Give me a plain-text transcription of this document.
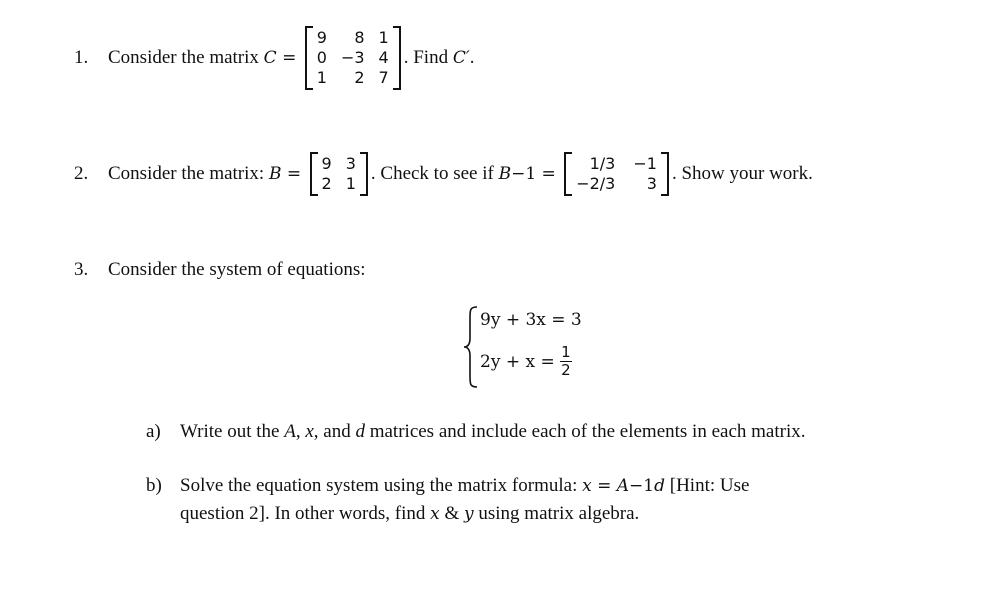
1.	Consider the matrix
C =
9	8 1
0 −3 4
1	2 7
. Find C′ .
2.	Consider the matrix:
B =
9 3
2 1 . Check to see if
B −1 =
1/3 −1
−2/3	3 . Show your work.
3.	Consider the system of equations:
9y + 3x = 3
$2y + x = \frac{1}{2}$
a)	Write out the A , x , and d matrices and include each of the elements in each matrix.
b) Solve the equation system using the matrix formula: x = A −1 d [Hint: Use
question 2]. In other words, find x & y using matrix algebra.
